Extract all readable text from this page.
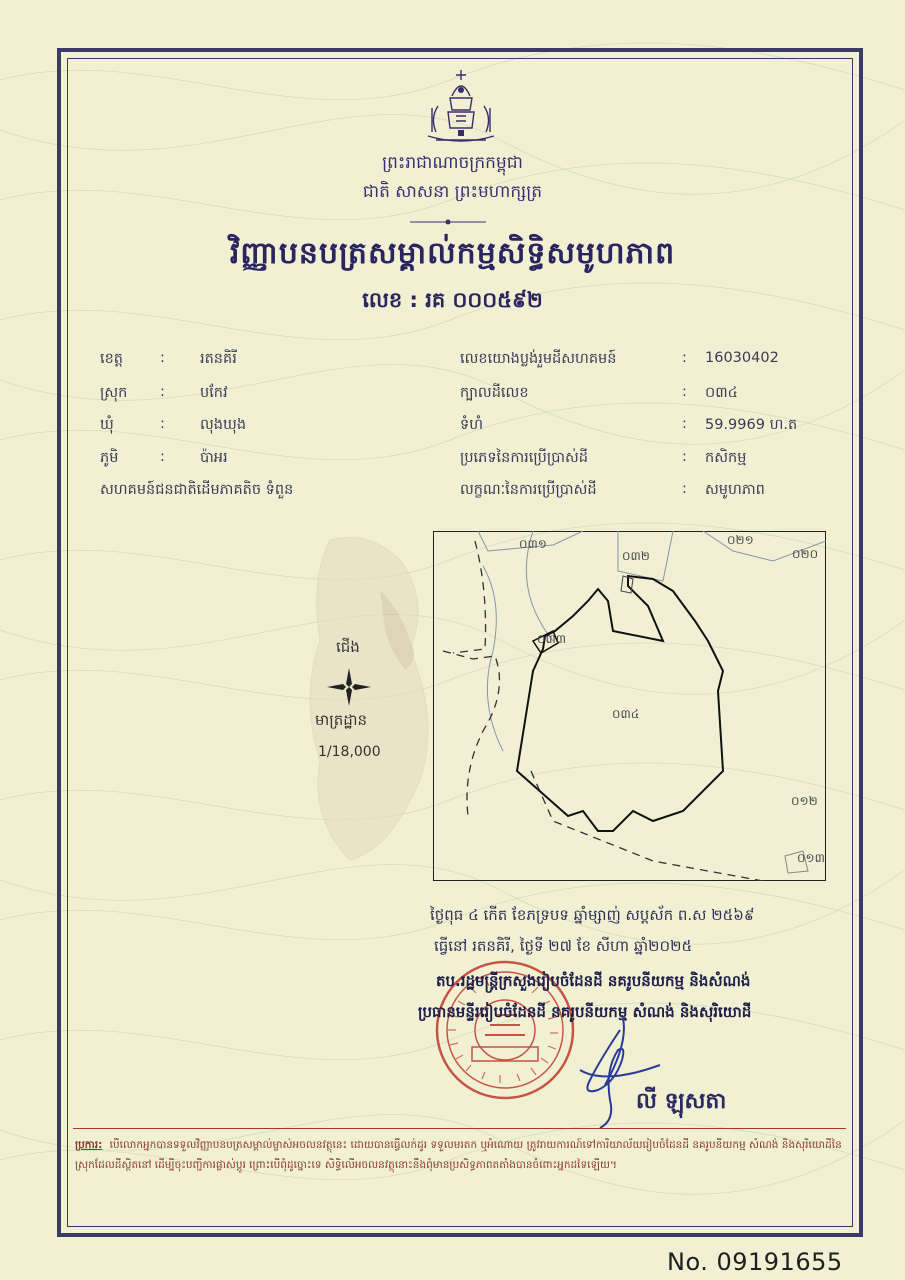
ព្រះរាជាណាចក្រកម្ពុជា
ជាតិ សាសនា ព្រះមហាក្សត្រ
វិញ្ញាបនបត្រសម្គាល់កម្មសិទ្ធិសមូហភាព
លេខ : រគ ០០០៥៩២
ខេត្ត	: រតនគិរី
ស្រុក : បកែវ
ឃុំ	: លុងឃុង
ភូមិ	: ប៉ាអរ
សហគមន៍ជនជាតិដើមភាគតិច ទំពួន
លេខយោងប្លង់រួមដីសហគមន៍	: 16030402
ក្បាលដីលេខ	: ០៣៤
ទំហំ	: 59.9969 ហ.ត
ប្រភេទនៃការប្រើប្រាស់ដី	: កសិកម្ម
លក្ខណៈនៃការប្រើប្រាស់ដី	: សមូហភាព
០៣១
០៣២
០២១
០២០
០៣៣
០៣៤
០១២
០១៣
ជើង
មាត្រដ្ឋាន
1/18,000
ថ្ងៃពុធ ៤ កើត ខែភទ្របទ ឆ្នាំម្សាញ់ សប្តស័ក ព.ស ២៥៦៩
ធ្វើនៅ រតនគិរី, ថ្ងៃទី ២៧ ខែ សីហា ឆ្នាំ២០២៥
តប.រដ្ឋមន្ត្រីក្រសួងរៀបចំដែនដី នគរូបនីយកម្ម និងសំណង់
ប្រធានមន្ទីររៀបចំដែនដី នគរូបនីយកម្ម សំណង់ និងសុរិយោដី
លី ឡុសតា
ប្រការ: បើលោកអ្នកបានទទួលវិញ្ញាបនបត្រសម្គាល់ម្ចាស់អចលនវត្ថុនេះ ដោយបានធ្វើលក់ដូរ ទទួលមរតក ឬអំណោយ ត្រូវរាយការណ៍ទៅការិយាល័យរៀបចំដែនដី នគរូបនីយកម្ម សំណង់ និងសុរិយោដីនៃស្រុកដែលដីស្ថិតនៅ ដើម្បីចុះបញ្ជីការផ្លាស់ប្តូរ ព្រោះបើពុំដូច្នោះទេ សិទ្ធិលើអចលនវត្ថុនោះនឹងពុំមានប្រសិទ្ធភាពតតាំងបានចំពោះអ្នកដទៃឡើយ។
No. 09191655
